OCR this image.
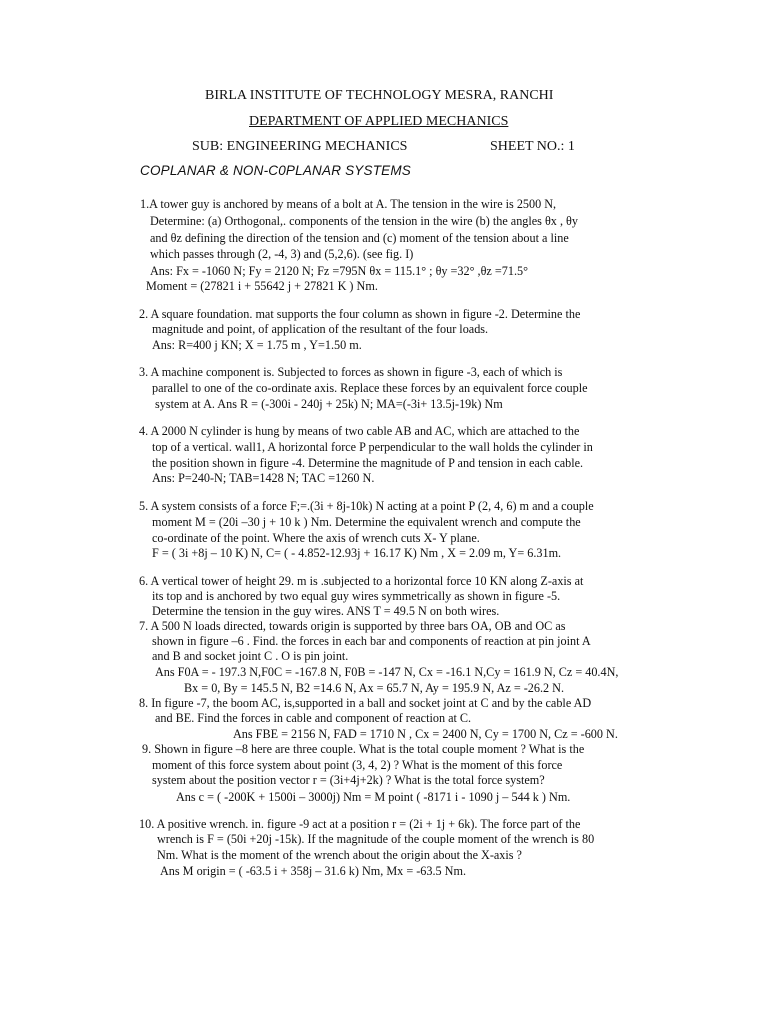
BIRLA INSTITUTE OF TECHNOLOGY MESRA, RANCHI
DEPARTMENT OF APPLIED MECHANICS
SUB: ENGINEERING MECHANICS	SHEET NO.: 1
COPLANAR & NON-C0PLANAR SYSTEMS
1.A tower guy is anchored by means of a bolt at A. The tension in the wire is 2500 N,
Determine: (a) Orthogonal,. components of the tension in the wire (b) the angles θx , θy
and θz defining the direction of the tension and (c) moment of the tension about a line
which passes through (2, -4, 3) and (5,2,6). (see fig. I)
Ans: Fx = -1060 N; Fy = 2120 N; Fz =795N θx = 115.1° ; θy =32° ,θz =71.5°
Moment = (27821 i + 55642 j + 27821 K ) Nm.
2. A square foundation. mat supports the four column as shown in figure -2. Determine the
magnitude and point, of application of the resultant of the four loads.
Ans: R=400 j KN; X = 1.75 m , Y=1.50 m.
3. A machine component is. Subjected to forces as shown in figure -3, each of which is
parallel to one of the co-ordinate axis. Replace these forces by an equivalent force couple
system at A. Ans R = (-300i - 240j + 25k) N; MA=(-3i+ 13.5j-19k) Nm
4. A 2000 N cylinder is hung by means of two cable AB and AC, which are attached to the
top of a vertical. wall1, A horizontal force P perpendicular to the wall holds the cylinder in
the position shown in figure -4. Determine the magnitude of P and tension in each cable.
Ans: P=240-N; TAB=1428 N; TAC =1260 N.
5. A system consists of a force F;=.(3i + 8j-10k) N acting at a point P (2, 4, 6) m and a couple
moment M = (20i –30 j + 10 k ) Nm. Determine the equivalent wrench and compute the
co-ordinate of the point. Where the axis of wrench cuts X- Y plane.
F = ( 3i +8j – 10 K) N, C= ( - 4.852-12.93j + 16.17 K) Nm , X = 2.09 m, Y= 6.31m.
6. A vertical tower of height 29. m is .subjected to a horizontal force 10 KN along Z-axis at
its top and is anchored by two equal guy wires symmetrically as shown in figure -5.
Determine the tension in the guy wires. ANS T = 49.5 N on both wires.
7. A 500 N loads directed, towards origin is supported by three bars OA, OB and OC as
shown in figure –6 . Find. the forces in each bar and components of reaction at pin joint A
and B and socket joint C . O is pin joint.
Ans F0A = - 197.3 N,F0C = -167.8 N, F0B = -147 N, Cx = -16.1 N,Cy = 161.9 N, Cz = 40.4N,
Bx = 0, By = 145.5 N, B2 =14.6 N, Ax = 65.7 N, Ay = 195.9 N, Az = -26.2 N.
8. In figure -7, the boom AC, is,supported in a ball and socket joint at C and by the cable AD
and BE. Find the forces in cable and component of reaction at C.
Ans FBE = 2156 N, FAD = 1710 N , Cx = 2400 N, Cy = 1700 N, Cz = -600 N.
9. Shown in figure –8 here are three couple. What is the total couple moment ? What is the
moment of this force system about point (3, 4, 2) ? What is the moment of this force
system about the position vector r = (3i+4j+2k) ? What is the total force system?
Ans c = ( -200K + 1500i – 3000j) Nm = M point ( -8171 i - 1090 j – 544 k ) Nm.
10. A positive wrench. in. figure -9 act at a position r = (2i + 1j + 6k). The force part of the
wrench is F = (50i +20j -15k). If the magnitude of the couple moment of the wrench is 80
Nm. What is the moment of the wrench about the origin about the X-axis ?
Ans M origin = ( -63.5 i + 358j – 31.6 k) Nm, Mx = -63.5 Nm.
